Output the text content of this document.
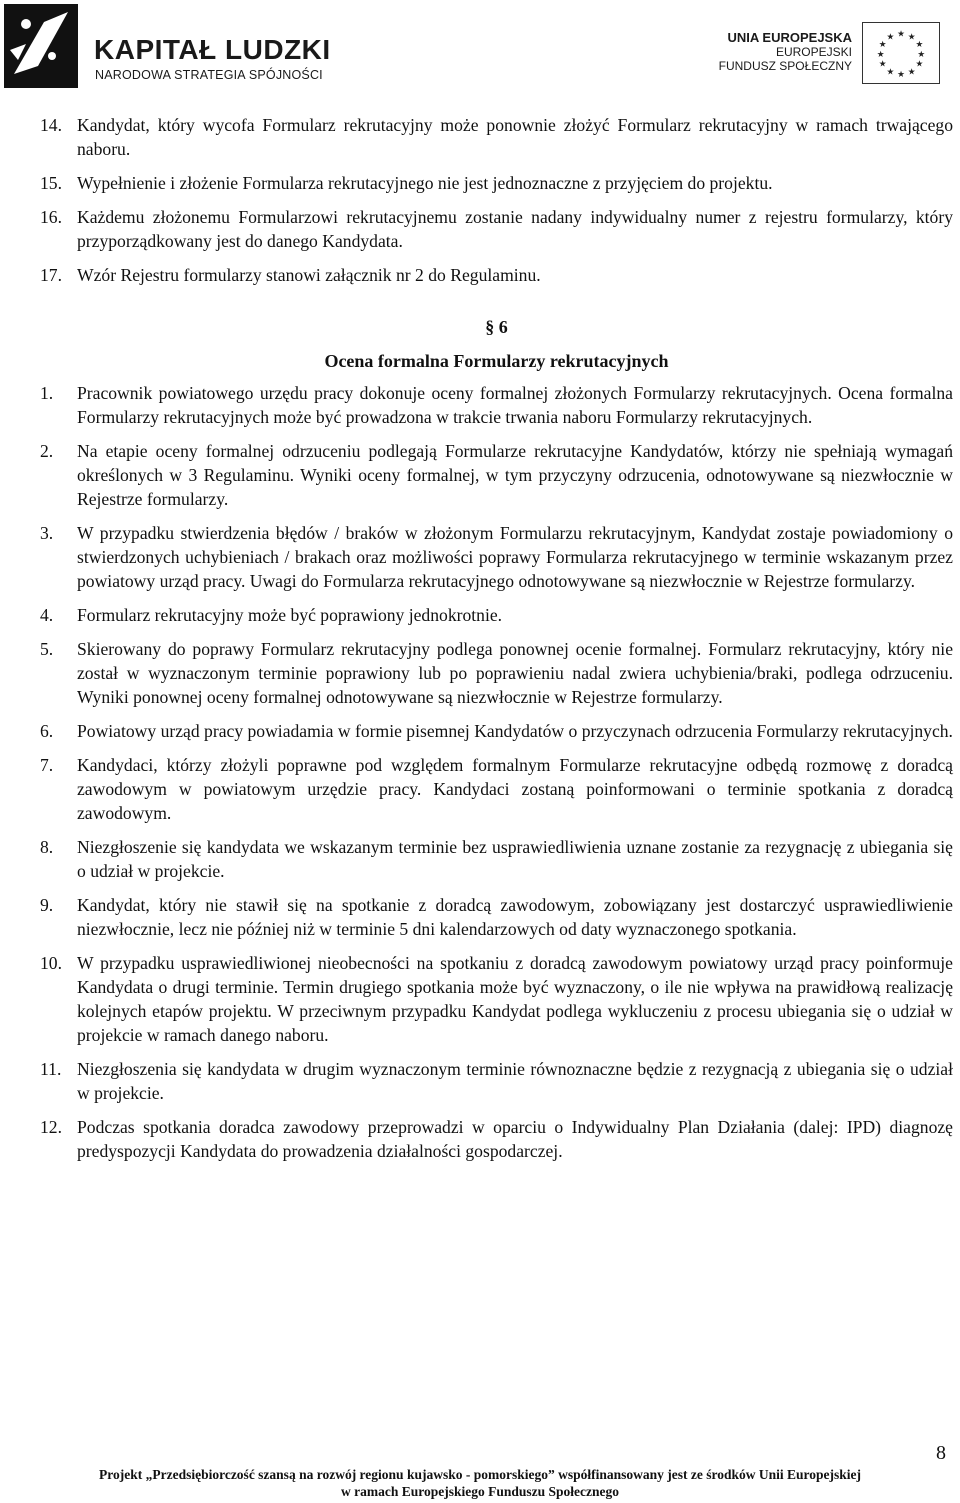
KAPITAŁ LUDZKI
NARODOWA STRATEGIA SPÓJNOŚCI
UNIA EUROPEJSKA
EUROPEJSKI
FUNDUSZ SPOŁECZNY
★ ★
★
★
★
★
★
★
★
★
★
★
14. Kandydat, który wycofa Formularz rekrutacyjny może ponownie złożyć Formularz rekrutacyjny w ramach trwającego naboru.
15. Wypełnienie i złożenie Formularza rekrutacyjnego nie jest jednoznaczne z przyjęciem do projektu.
16. Każdemu złożonemu Formularzowi rekrutacyjnemu zostanie nadany indywidualny numer z rejestru formularzy, który przyporządkowany jest do danego Kandydata.
17. Wzór Rejestru formularzy stanowi załącznik nr 2 do Regulaminu.
§ 6
Ocena formalna Formularzy rekrutacyjnych
1.	Pracownik powiatowego urzędu pracy dokonuje oceny formalnej złożonych Formularzy rekrutacyjnych. Ocena formalna Formularzy rekrutacyjnych może być prowadzona w trakcie trwania naboru Formularzy rekrutacyjnych.
2.	Na etapie oceny formalnej odrzuceniu podlegają Formularze rekrutacyjne Kandydatów, którzy nie spełniają wymagań określonych w 3 Regulaminu. Wyniki oceny formalnej, w tym przyczyny odrzucenia, odnotowywane są niezwłocznie w Rejestrze formularzy.
3.	W przypadku stwierdzenia błędów / braków w złożonym Formularzu rekrutacyjnym, Kandydat zostaje powiadomiony o stwierdzonych uchybieniach / brakach oraz możliwości poprawy Formularza rekrutacyjnego w terminie wskazanym przez powiatowy urząd pracy. Uwagi do Formularza rekrutacyjnego odnotowywane są niezwłocznie w Rejestrze formularzy.
4.	Formularz rekrutacyjny może być poprawiony jednokrotnie.
5.	Skierowany do poprawy Formularz rekrutacyjny podlega ponownej ocenie formalnej. Formularz rekrutacyjny, który nie został w wyznaczonym terminie poprawiony lub po poprawieniu nadal zwiera uchybienia/braki, podlega odrzuceniu. Wyniki ponownej oceny formalnej odnotowywane są niezwłocznie w Rejestrze formularzy.
6.	Powiatowy urząd pracy powiadamia w formie pisemnej Kandydatów o przyczynach odrzucenia Formularzy rekrutacyjnych.
7.	Kandydaci, którzy złożyli poprawne pod względem formalnym Formularze rekrutacyjne odbędą rozmowę z doradcą zawodowym w powiatowym urzędzie pracy. Kandydaci zostaną poinformowani o terminie spotkania z doradcą zawodowym.
8.	Niezgłoszenie się kandydata we wskazanym terminie bez usprawiedliwienia uznane zostanie za rezygnację z ubiegania się o udział w projekcie.
9.	Kandydat, który nie stawił się na spotkanie z doradcą zawodowym, zobowiązany jest dostarczyć usprawiedliwienie niezwłocznie, lecz nie później niż w terminie 5 dni kalendarzowych od daty wyznaczonego spotkania.
10. W przypadku usprawiedliwionej nieobecności na spotkaniu z doradcą zawodowym powiatowy urząd pracy poinformuje Kandydata o drugi terminie. Termin drugiego spotkania może być wyznaczony, o ile nie wpływa na prawidłową realizację kolejnych etapów projektu. W przeciwnym przypadku Kandydat podlega wykluczeniu z procesu ubiegania się o udział w projekcie w ramach danego naboru.
11. Niezgłoszenia się kandydata w drugim wyznaczonym terminie równoznaczne będzie z rezygnacją z ubiegania się o udział w projekcie.
12. Podczas spotkania doradca zawodowy przeprowadzi w oparciu o Indywidualny Plan Działania (dalej: IPD) diagnozę predyspozycji Kandydata do prowadzenia działalności gospodarczej.
8
Projekt „Przedsiębiorczość szansą na rozwój regionu kujawsko - pomorskiego” współfinansowany jest ze środków Unii Europejskiej
w ramach Europejskiego Funduszu Społecznego
